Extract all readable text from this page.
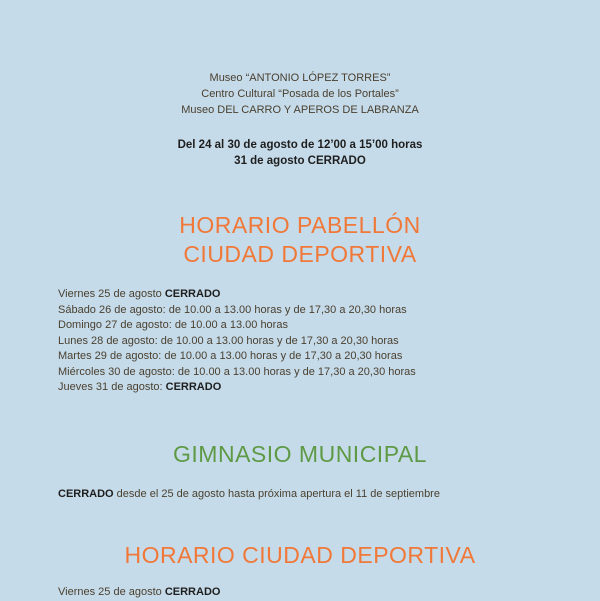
Museo “ANTONIO LÓPEZ TORRES”
Centro Cultural “Posada de los Portales”
Museo DEL CARRO Y APEROS DE LABRANZA
Del 24 al 30 de agosto de 12’00 a 15’00 horas
31 de agosto CERRADO
HORARIO PABELLÓN
CIUDAD DEPORTIVA
Viernes 25 de agosto CERRADO
Sábado 26 de agosto: de 10.00 a 13.00 horas y de 17,30 a 20,30 horas
Domingo 27 de agosto: de 10.00 a 13.00 horas
Lunes 28 de agosto: de 10.00 a 13.00 horas y de 17,30 a 20,30 horas
Martes 29 de agosto: de 10.00 a 13.00 horas y de 17,30 a 20,30 horas
Miércoles 30 de agosto: de 10.00 a 13.00 horas y de 17,30 a 20,30 horas
Jueves 31 de agosto: CERRADO
GIMNASIO MUNICIPAL
CERRADO desde el 25 de agosto hasta próxima apertura el 11 de septiembre
HORARIO CIUDAD DEPORTIVA
Viernes 25 de agosto CERRADO
